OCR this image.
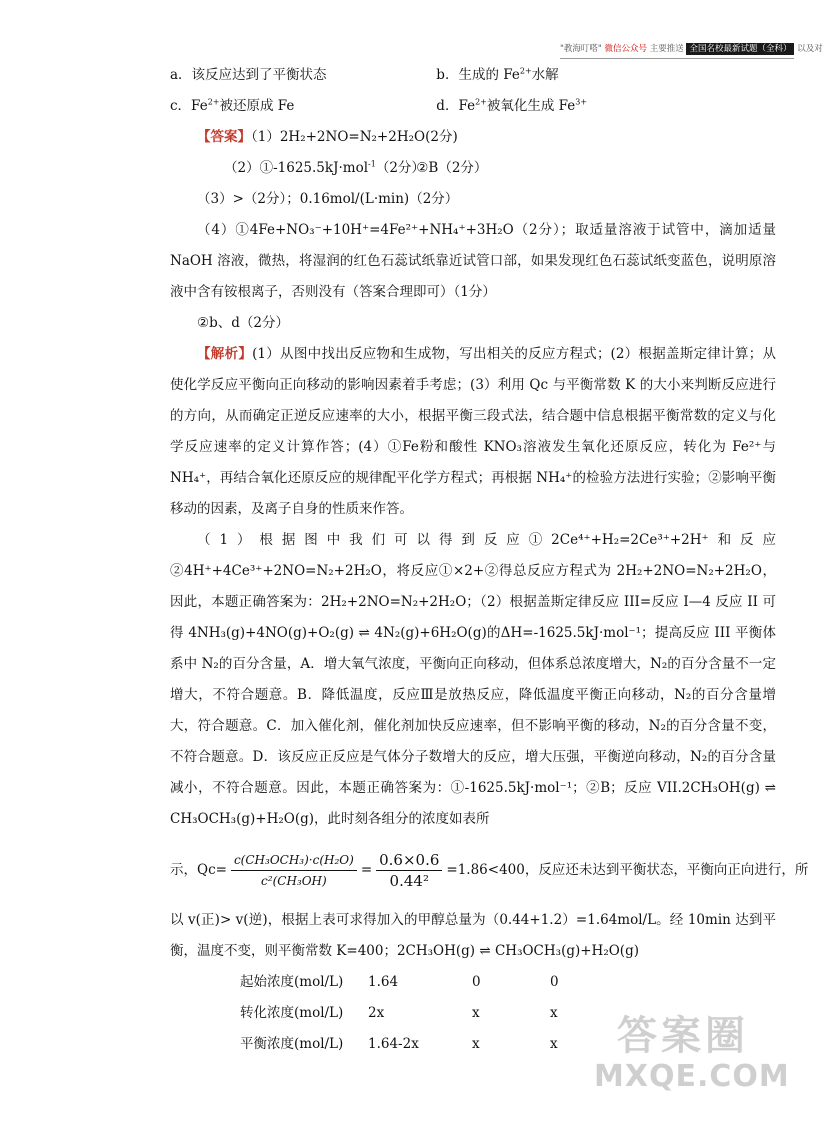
"教海叮嗒" 微信公众号 主要推送 全国名校最新试题（全科） 以及对
a．该反应达到了平衡状态	b．生成的 $Fe^{2+}$水解
c．$Fe^{2+}$被还原成 Fe	d．$Fe^{2+}$被氧化生成 $Fe^{3+}$
【答案】（1）2H₂+2NO=N₂+2H₂O(2分)
（2）①-1625.5kJ·mol$^{-1}$（2分） ②B（2分）
（3）>（2分）；0.16mol/(L·min)（2分）
（4）①4Fe+NO₃⁻+10H⁺=4Fe²⁺+NH₄⁺+3H₂O（2分）；取适量溶液于试管中，滴加适量 NaOH 溶液，微热，将湿润的红色石蕊试纸靠近试管口部，如果发现红色石蕊试纸变蓝色，说明原溶液中含有铵根离子，否则没有（答案合理即可）（1分）
②b、d（2分）
【解析】(1）从图中找出反应物和生成物，写出相关的反应方程式；(2）根据盖斯定律计算；从使化学反应平衡向正向移动的影响因素着手考虑；(3）利用 Qc 与平衡常数 K 的大小来判断反应进行的方向，从而确定正逆反应速率的大小，根据平衡三段式法，结合题中信息根据平衡常数的定义与化学反应速率的定义计算作答；(4）①Fe粉和酸性 KNO₃溶液发生氧化还原反应，转化为 Fe²⁺与 NH₄⁺，再结合氧化还原反应的规律配平化学方程式；再根据 NH₄⁺的检验方法进行实验；②影响平衡移动的因素，及离子自身的性质来作答。
（1）根据图中我们可以得到反应①2Ce⁴⁺+H₂=2Ce³⁺+2H⁺和反应②4H⁺+4Ce³⁺+2NO=N₂+2H₂O，将反应①×2+②得总反应方程式为 2H₂+2NO=N₂+2H₂O，因此，本题正确答案为：2H₂+2NO=N₂+2H₂O；（2）根据盖斯定律反应 III=反应 I—4 反应 II 可得 4NH₃(g)+4NO(g)+O₂(g) ⇌ 4N₂(g)+6H₂O(g)的ΔH=-1625.5kJ·mol⁻¹；提高反应 III 平衡体系中 N₂的百分含量，A．增大氧气浓度，平衡向正向移动，但体系总浓度增大，N₂的百分含量不一定增大，不符合题意。B．降低温度，反应Ⅲ是放热反应，降低温度平衡正向移动，N₂的百分含量增大，符合题意。C．加入催化剂，催化剂加快反应速率，但不影响平衡的移动，N₂的百分含量不变，不符合题意。D．该反应正反应是气体分子数增大的反应，增大压强，平衡逆向移动，N₂的百分含量减小，不符合题意。因此，本题正确答案为：①-1625.5kJ·mol⁻¹；②B；反应 VII.2CH₃OH(g) ⇌ CH₃OCH₃(g)+H₂O(g)，此时刻各组分的浓度如表所
示，$Qc= \frac{\text{c(CH₃OCH₃)·c(H₂O)}}{\text{c²(CH₃OH)}} = \frac{0.6\times 0.6}{\text{0.44²}} =1.86<400$，反应还未达到平衡状态，平衡向正向进行，所
以 v(正)> v(逆)，根据上表可求得加入的甲醇总量为（0.44+1.2）=1.64mol/L。经 10min 达到平衡，温度不变，则平衡常数 K=400；2CH₃OH(g) ⇌ CH₃OCH₃(g)+H₂O(g)
起始浓度(mol/L) 1.64	0	0
转化浓度(mol/L) 2x	x	x
平衡浓度(mol/L) 1.64-2x	x	x	答案圈
MXQE.COM
